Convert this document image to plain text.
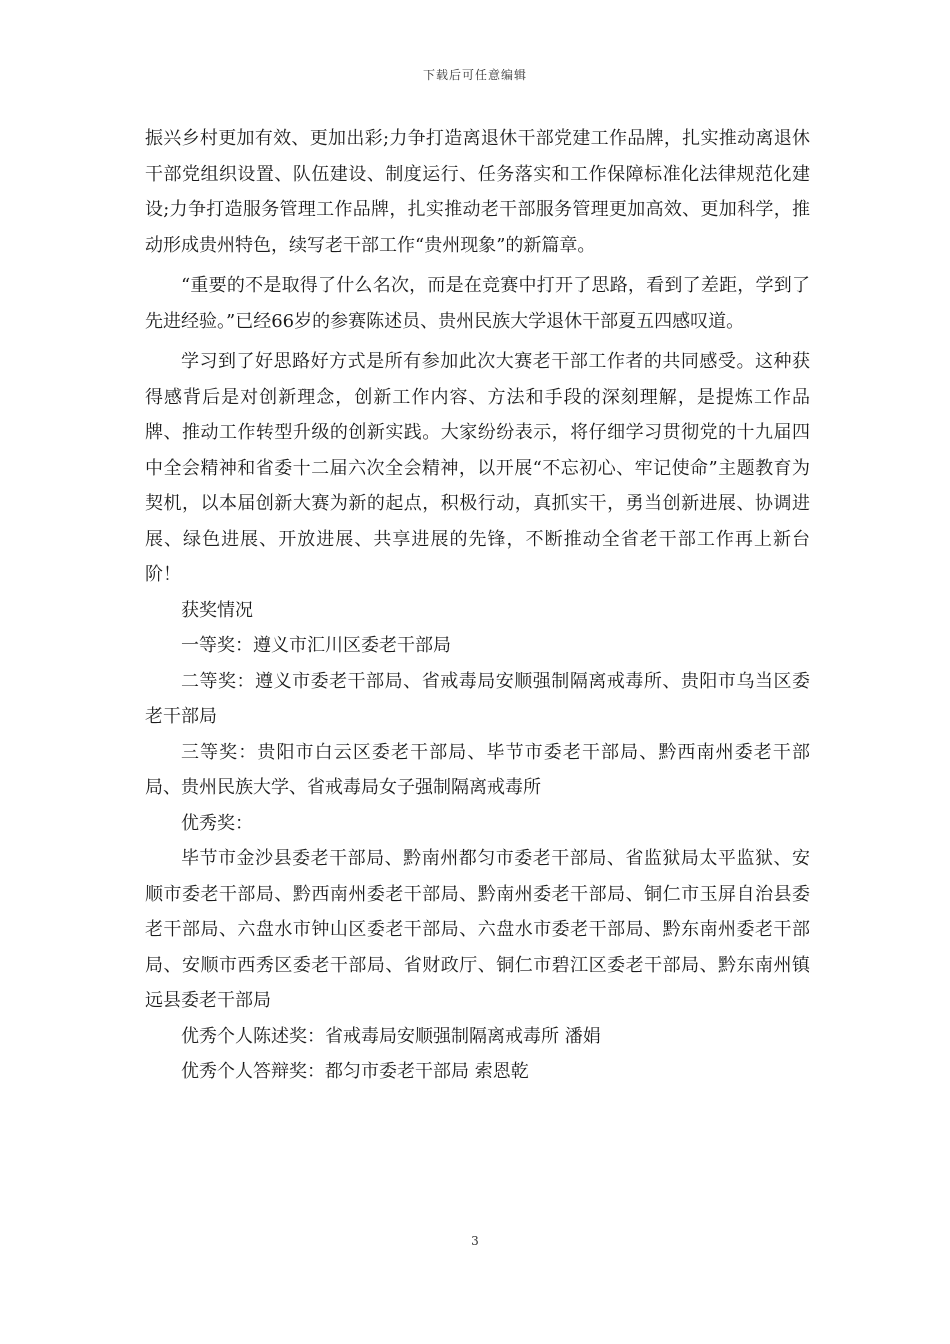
下载后可任意编辑

振兴乡村更加有效、更加出彩;力争打造离退休干部党建工作品牌，扎实推动离退休干部党组织设置、队伍建设、制度运行、任务落实和工作保障标准化法律规范化建设;力争打造服务管理工作品牌，扎实推动老干部服务管理更加高效、更加科学，推动形成贵州特色，续写老干部工作“贵州现象”的新篇章。

“重要的不是取得了什么名次，而是在竞赛中打开了思路，看到了差距，学到了先进经验。”已经66岁的参赛陈述员、贵州民族大学退休干部夏五四感叹道。

学习到了好思路好方式是所有参加此次大赛老干部工作者的共同感受。这种获得感背后是对创新理念，创新工作内容、方法和手段的深刻理解，是提炼工作品牌、推动工作转型升级的创新实践。大家纷纷表示，将仔细学习贯彻党的十九届四中全会精神和省委十二届六次全会精神，以开展“不忘初心、牢记使命”主题教育为契机，以本届创新大赛为新的起点，积极行动，真抓实干，勇当创新进展、协调进展、绿色进展、开放进展、共享进展的先锋，不断推动全省老干部工作再上新台阶！

获奖情况

一等奖：遵义市汇川区委老干部局

二等奖：遵义市委老干部局、省戒毒局安顺强制隔离戒毒所、贵阳市乌当区委老干部局

三等奖：贵阳市白云区委老干部局、毕节市委老干部局、黔西南州委老干部局、贵州民族大学、省戒毒局女子强制隔离戒毒所

优秀奖：

毕节市金沙县委老干部局、黔南州都匀市委老干部局、省监狱局太平监狱、安顺市委老干部局、黔西南州委老干部局、黔南州委老干部局、铜仁市玉屏自治县委老干部局、六盘水市钟山区委老干部局、六盘水市委老干部局、黔东南州委老干部局、安顺市西秀区委老干部局、省财政厅、铜仁市碧江区委老干部局、黔东南州镇远县委老干部局

优秀个人陈述奖：省戒毒局安顺强制隔离戒毒所 潘娟

优秀个人答辩奖：都匀市委老干部局 索恩乾

3
